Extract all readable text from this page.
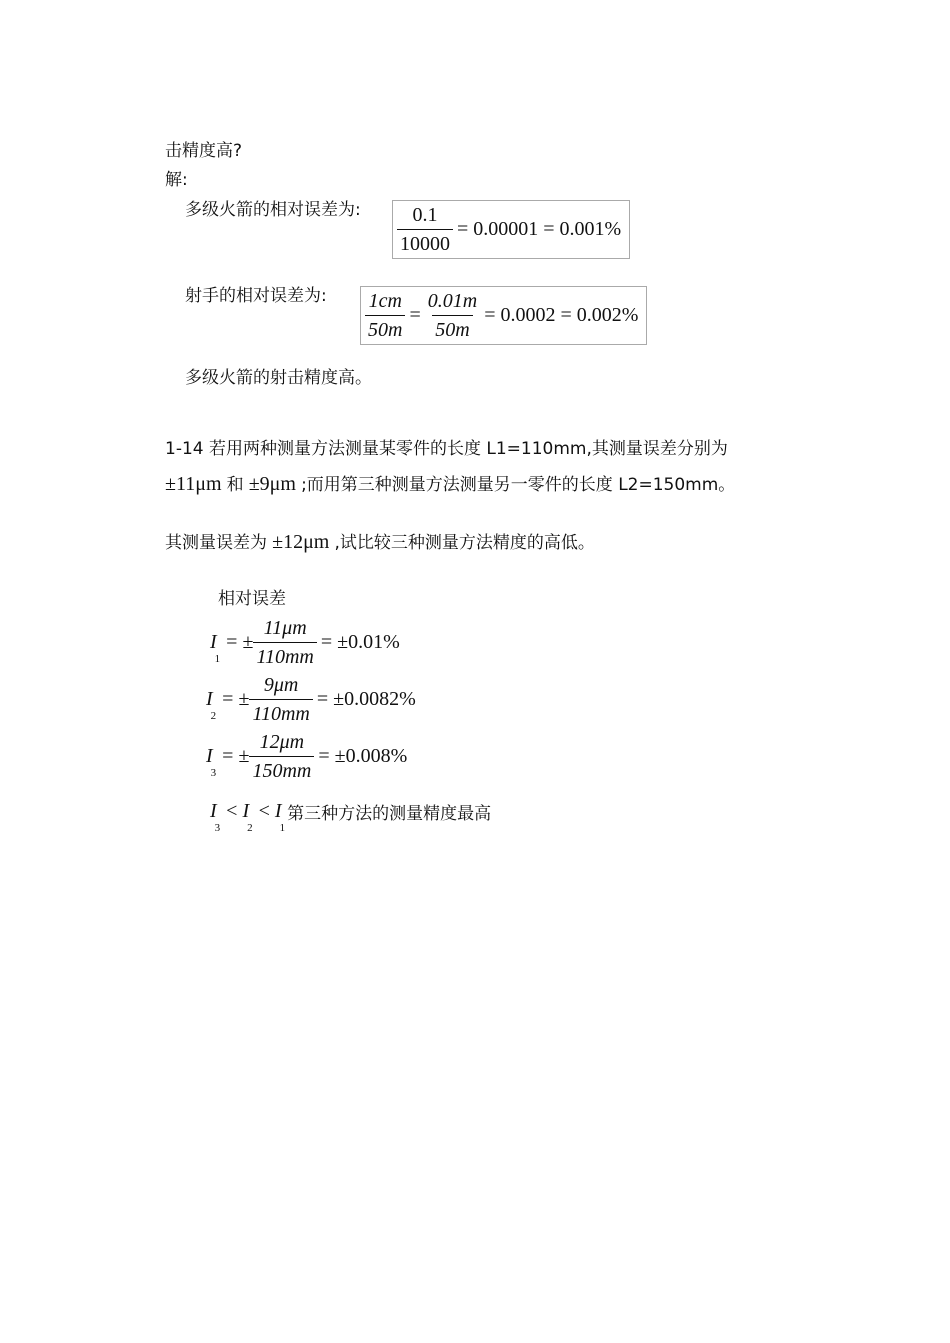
击精度高?
解:
多级火箭的相对误差为: $\frac{0.1}{10000} = 0.00001 = 0.001\%$
射手的相对误差为: $\frac{1cm}{50m} = \frac{0.01m}{50m} = 0.0002 = 0.002\%$
多级火箭的射击精度高。
1-14 若用两种测量方法测量某零件的长度 L1=110mm,其测量误差分别为
±11μm 和 ±9μm ;而用第三种测量方法测量另一零件的长度 L2=150mm。
其测量误差为 ±12μm ,试比较三种测量方法精度的高低。
相对误差
I
1
= ± $\frac{11\mu m}{110mm} = \pm 0.01\%$
I
2
= ± $\frac{9\mu m}{110mm} = \pm 0.0082\%$
I
3
= ± $\frac{12\mu m}{150mm} = \pm 0.008\%$
I
3
< I
2
< I
1
第三种方法的测量精度最高
